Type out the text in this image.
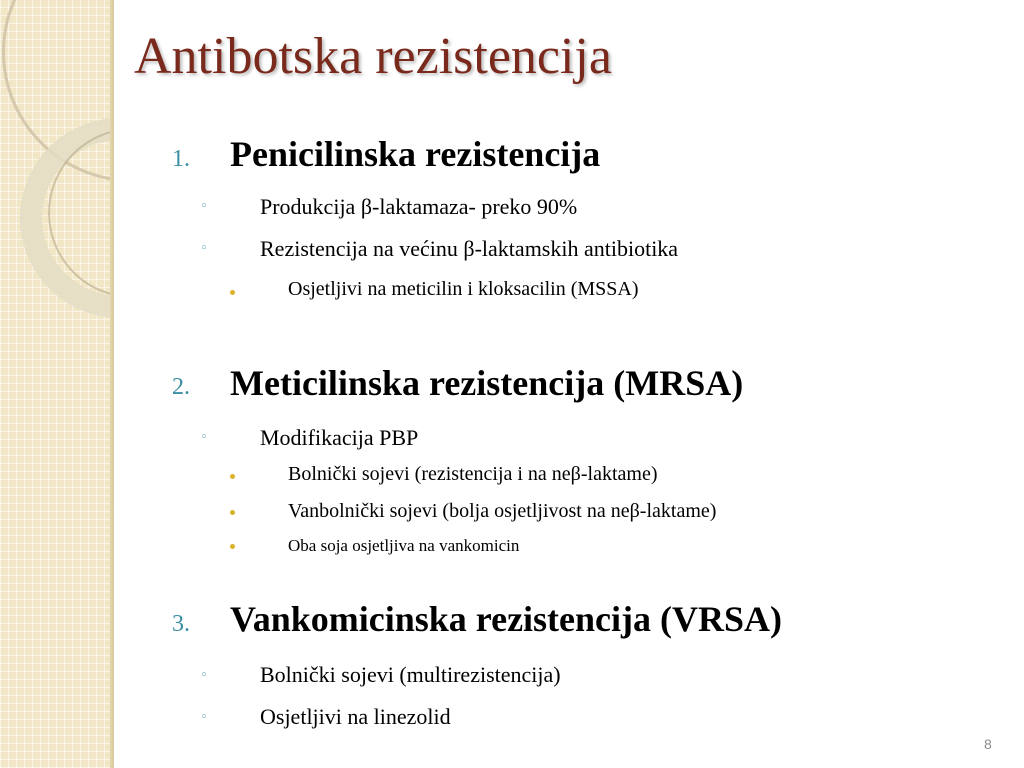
Antibotska rezistencija
1. Penicilinska rezistencija
◦ Produkcija β-laktamaza- preko 90%
◦ Rezistencija na većinu β-laktamskih antibiotika
Osjetljivi na meticilin i kloksacilin (MSSA)
2. Meticilinska rezistencija (MRSA)
◦ Modifikacija PBP
Bolnički sojevi (rezistencija i na neβ-laktame)
Vanbolnički sojevi (bolja osjetljivost na neβ-laktame)
Oba soja osjetljiva na vankomicin
3. Vankomicinska rezistencija (VRSA)
◦ Bolnički sojevi (multirezistencija)
◦ Osjetljivi na linezolid
8
